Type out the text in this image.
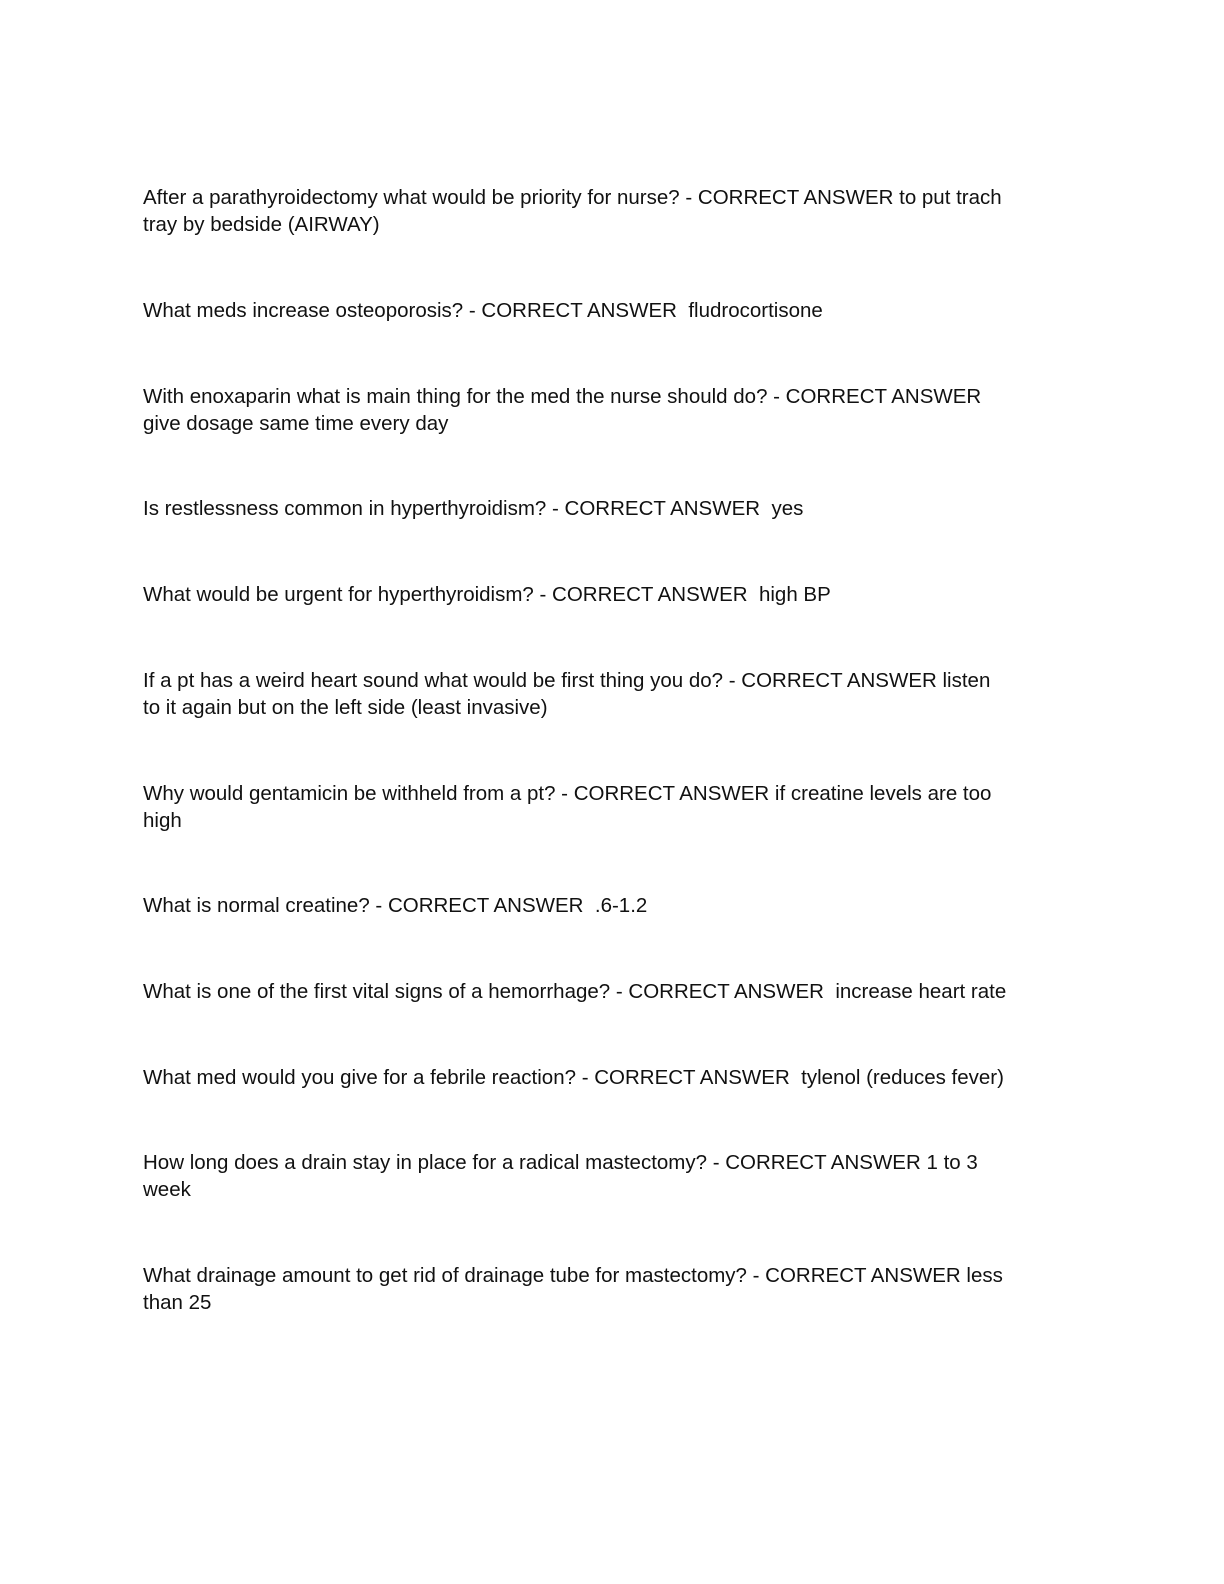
After a parathyroidectomy what would be priority for nurse? - CORRECT ANSWER to put trach
tray by bedside (AIRWAY)
What meds increase osteoporosis? - CORRECT ANSWER  fludrocortisone
With enoxaparin what is main thing for the med the nurse should do? - CORRECT ANSWER
give dosage same time every day
Is restlessness common in hyperthyroidism? - CORRECT ANSWER  yes
What would be urgent for hyperthyroidism? - CORRECT ANSWER  high BP
If a pt has a weird heart sound what would be first thing you do? - CORRECT ANSWER listen
to it again but on the left side (least invasive)
Why would gentamicin be withheld from a pt? - CORRECT ANSWER if creatine levels are too
high
What is normal creatine? - CORRECT ANSWER  .6-1.2
What is one of the first vital signs of a hemorrhage? - CORRECT ANSWER  increase heart rate
What med would you give for a febrile reaction? - CORRECT ANSWER  tylenol (reduces fever)
How long does a drain stay in place for a radical mastectomy? - CORRECT ANSWER 1 to 3
week
What drainage amount to get rid of drainage tube for mastectomy? - CORRECT ANSWER less
than 25
